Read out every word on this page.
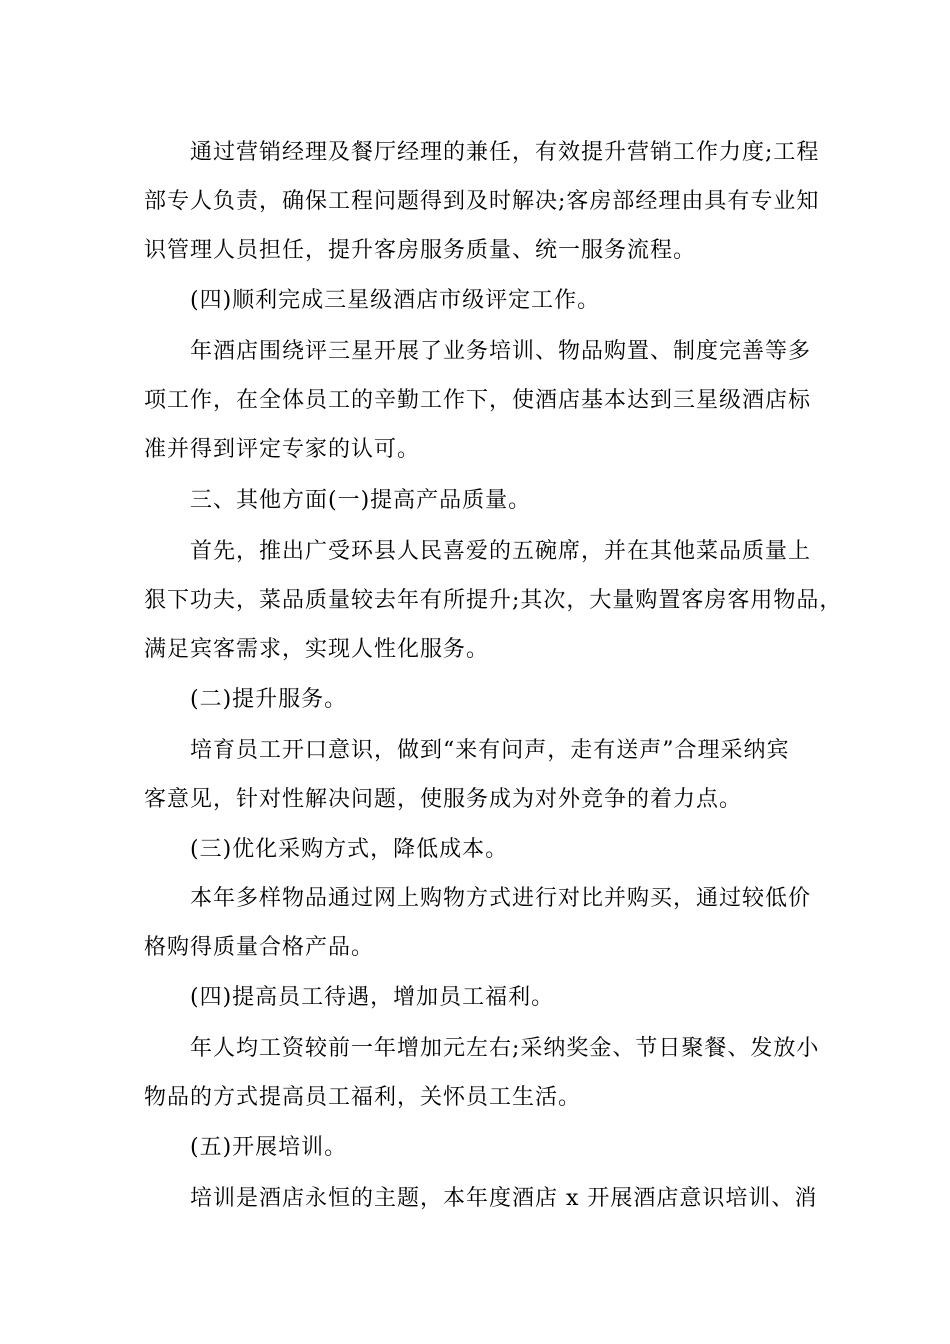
通过营销经理及餐厅经理的兼任，有效提升营销工作力度;工程
部专人负责，确保工程问题得到及时解决;客房部经理由具有专业知
识管理人员担任，提升客房服务质量、统一服务流程。
(四)顺利完成三星级酒店市级评定工作。
年酒店围绕评三星开展了业务培训、物品购置、制度完善等多
项工作，在全体员工的辛勤工作下，使酒店基本达到三星级酒店标
准并得到评定专家的认可。
三、其他方面(一)提高产品质量。
首先，推出广受环县人民喜爱的五碗席，并在其他菜品质量上
狠下功夫，菜品质量较去年有所提升;其次，大量购置客房客用物品，
满足宾客需求，实现人性化服务。
(二)提升服务。
培育员工开口意识，做到“来有问声，走有送声”合理采纳宾
客意见，针对性解决问题，使服务成为对外竞争的着力点。
(三)优化采购方式，降低成本。
本年多样物品通过网上购物方式进行对比并购买，通过较低价
格购得质量合格产品。
(四)提高员工待遇，增加员工福利。
年人均工资较前一年增加元左右;采纳奖金、节日聚餐、发放小
物品的方式提高员工福利，关怀员工生活。
(五)开展培训。
培训是酒店永恒的主题，本年度酒店 x 开展酒店意识培训、消
